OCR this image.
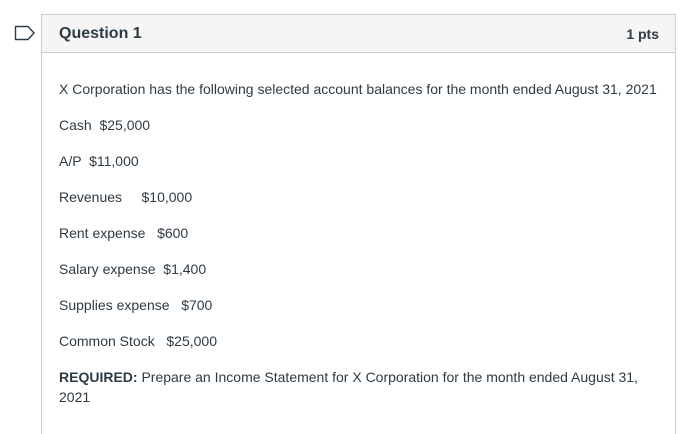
Question 1	1 pts

X Corporation has the following selected account balances for the month ended August 31, 2021

Cash $25,000
A/P $11,000
Revenues $10,000
Rent expense $600
Salary expense $1,400
Supplies expense $700
Common Stock $25,000

REQUIRED: Prepare an Income Statement for X Corporation for the month ended August 31, 2021
